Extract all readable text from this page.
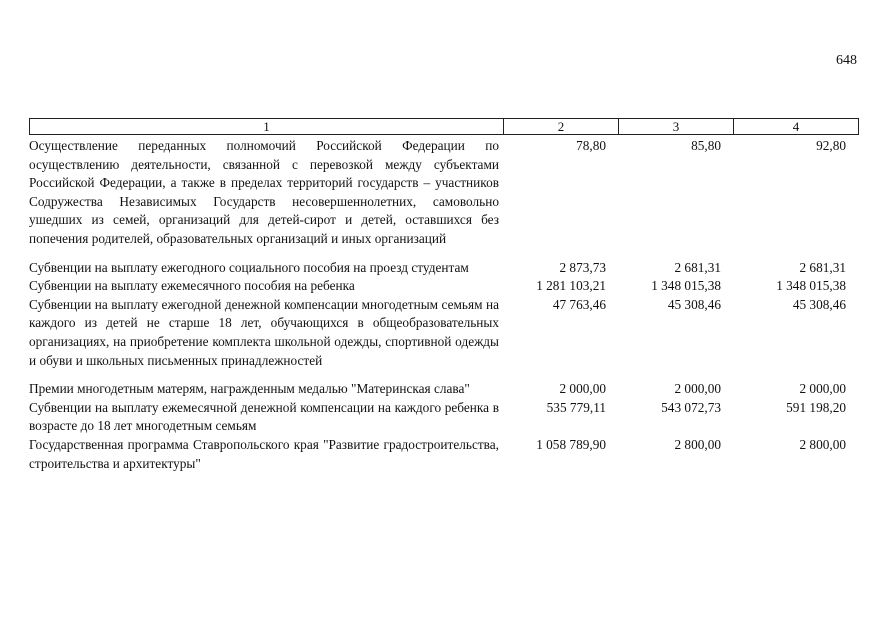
648
1	2	3	4
Осуществление переданных полномочий Российской Федерации по осуществлению деятельности, связанной с перевозкой между субъектами Российской Федерации, а также в пределах территорий государств – участников Содружества Независимых Государств несовершеннолетних, самовольно ушедших из семей, организаций для детей-сирот и детей, оставшихся без попечения родителей, образовательных организаций и иных организаций	78,80	85,80	92,80

Субвенции на выплату ежегодного социального пособия на проезд студентам	2 873,73	2 681,31	2 681,31
Субвенции на выплату ежемесячного пособия на ребенка	1 281 103,21	1 348 015,38	1 348 015,38
Субвенции на выплату ежегодной денежной компенсации многодетным семьям на каждого из детей не старше 18 лет, обучающихся в общеобразовательных организациях, на приобретение комплекта школьной одежды, спортивной одежды и обуви и школьных письменных принадлежностей	47 763,46	45 308,46	45 308,46

Премии многодетным матерям, награжденным медалью "Материнская слава"	2 000,00	2 000,00	2 000,00
Субвенции на выплату ежемесячной денежной компенсации на каждого ребенка в возрасте до 18 лет многодетным семьям	535 779,11	543 072,73	591 198,20
Государственная программа Ставропольского края "Развитие градостроительства, строительства и архитектуры"	1 058 789,90	2 800,00	2 800,00
